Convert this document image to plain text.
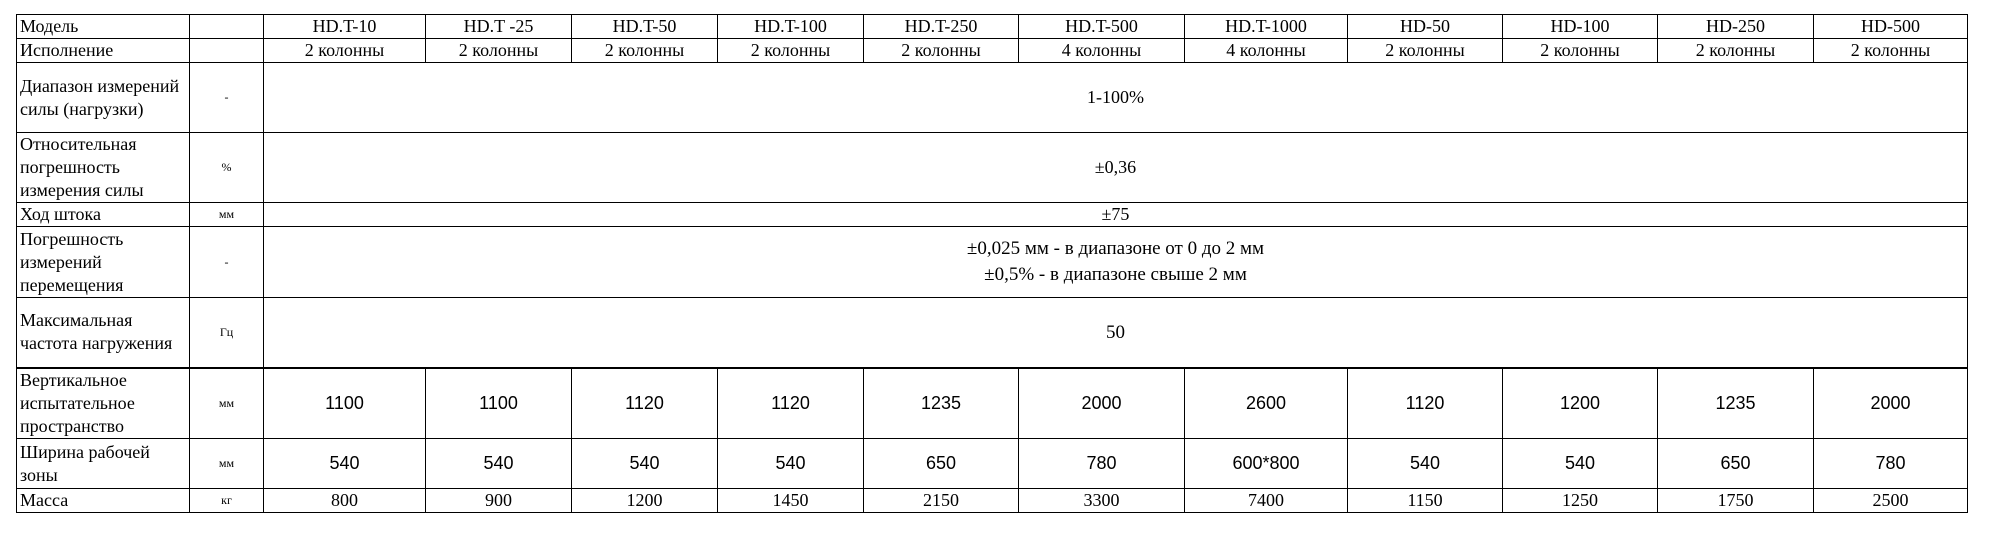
Модель		HD.T-10	HD.T -25	HD.T-50	HD.T-100	HD.T-250	HD.T-500	HD.T-1000	HD-50	HD-100	HD-250	HD-500
Исполнение		2 колонны	2 колонны	2 колонны	2 колонны	2 колонны	4 колонны	4 колонны	2 колонны	2 колонны	2 колонны	2 колонны
Диапазон измерений силы (нагрузки)	-	1-100%										
Относительная погрешность измерения силы	%	±0,36										
Ход штока	мм	±75										
Погрешность измерений перемещения	-	±0,025 мм - в диапазоне от 0 до 2 мм
±0,5% - в диапазоне свыше 2 мм										

Максимальная частота нагружения	Гц	50										
Вертикальное испытательное пространство	мм	1100	1100	1120	1120	1235	2000	2600	1120	1200	1235	2000
Ширина рабочей зоны	мм	540	540	540	540	650	780	600*800	540	540	650	780
Масса	кг	800	900	1200	1450	2150	3300	7400	1150	1250	1750	2500
